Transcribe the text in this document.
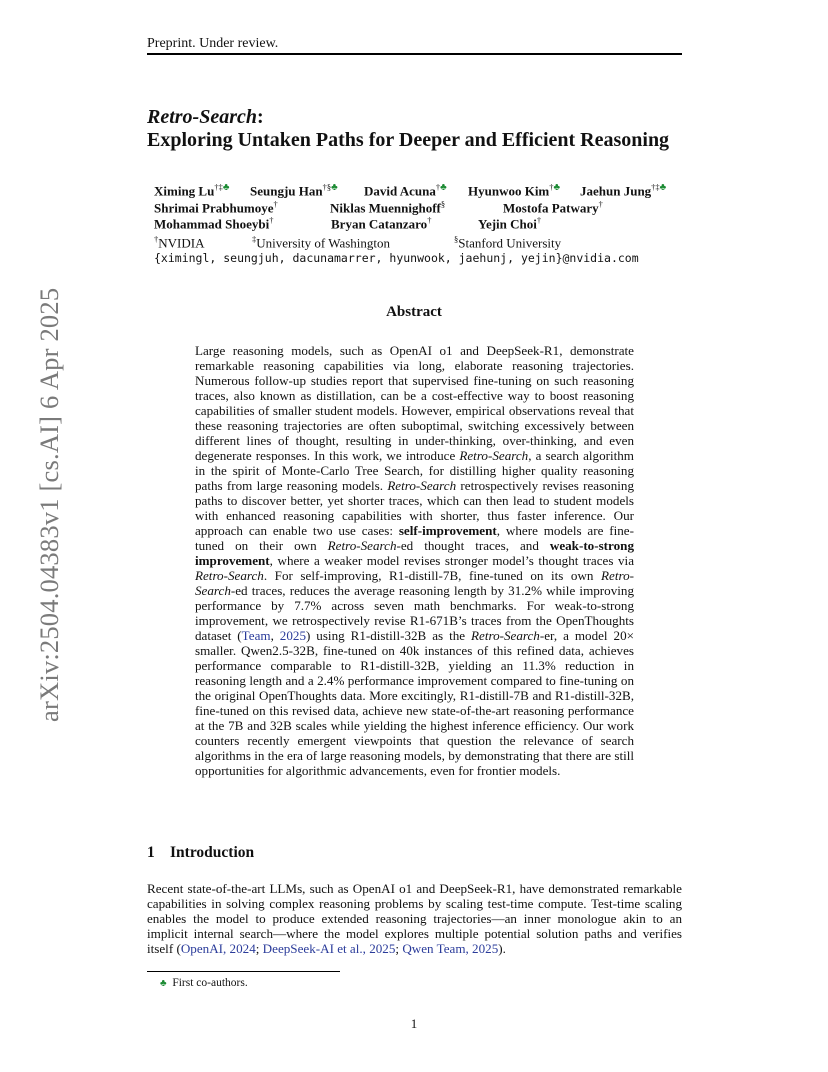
Preprint. Under review.
arXiv:2504.04383v1 [cs.AI] 6 Apr 2025
Retro-Search:
Exploring Untaken Paths for Deeper and Efficient Reasoning
Ximing Lu†‡♣ Seungju Han†§♣ David Acuna†♣ Hyunwoo Kim†♣ Jaehun Jung†‡♣
Shrimai Prabhumoye†	Niklas Muennighoff§	Mostofa Patwary†
Mohammad Shoeybi†	Bryan Catanzaro†	Yejin Choi†
†NVIDIA	‡University of Washington	§Stanford University
{ximingl, seungjuh, dacunamarrer, hyunwook, jaehunj, yejin}@nvidia.com
Abstract

Large reasoning models, such as OpenAI o1 and DeepSeek-R1, demonstrate remarkable reasoning capabilities via long, elaborate reasoning trajectories. Numerous follow-up studies report that supervised fine-tuning on such reasoning traces, also known as distillation, can be a cost-effective way to boost reasoning capabilities of smaller student models. However, empirical observations reveal that these reasoning trajectories are often suboptimal, switching excessively between different lines of thought, resulting in under-thinking, over-thinking, and even degenerate responses. In this work, we introduce Retro-Search, a search algorithm in the spirit of Monte-Carlo Tree Search, for distilling higher quality reasoning paths from large reasoning models. Retro-Search retrospectively revises reasoning paths to discover better, yet shorter traces, which can then lead to student models with enhanced reasoning capabilities with shorter, thus faster inference. Our approach can enable two use cases: self-improvement, where models are fine-tuned on their own Retro-Search-ed thought traces, and weak-to-strong improvement, where a weaker model revises stronger model’s thought traces via Retro-Search. For self-improving, R1-distill-7B, fine-tuned on its own Retro-Search-ed traces, reduces the average reasoning length by 31.2% while improving performance by 7.7% across seven math benchmarks. For weak-to-strong improvement, we retrospectively revise R1-671B’s traces from the OpenThoughts dataset (Team, 2025) using R1-distill-32B as the Retro-Search-er, a model 20× smaller. Qwen2.5-32B, fine-tuned on 40k instances of this refined data, achieves performance comparable to R1-distill-32B, yielding an 11.3% reduction in reasoning length and a 2.4% performance improvement compared to fine-tuning on the original OpenThoughts data. More excitingly, R1-distill-7B and R1-distill-32B, fine-tuned on this revised data, achieve new state-of-the-art reasoning performance at the 7B and 32B scales while yielding the highest inference efficiency. Our work counters recently emergent viewpoints that question the relevance of search algorithms in the era of large reasoning models, by demonstrating that there are still opportunities for algorithmic advancements, even for frontier models.

1 Introduction

Recent state-of-the-art LLMs, such as OpenAI o1 and DeepSeek-R1, have demonstrated remarkable capabilities in solving complex reasoning problems by scaling test-time compute. Test-time scaling enables the model to produce extended reasoning trajectories—an inner monologue akin to an implicit internal search—where the model explores multiple potential solution paths and verifies itself (OpenAI, 2024; DeepSeek-AI et al., 2025; Qwen Team, 2025).

♣ First co-authors.
1
